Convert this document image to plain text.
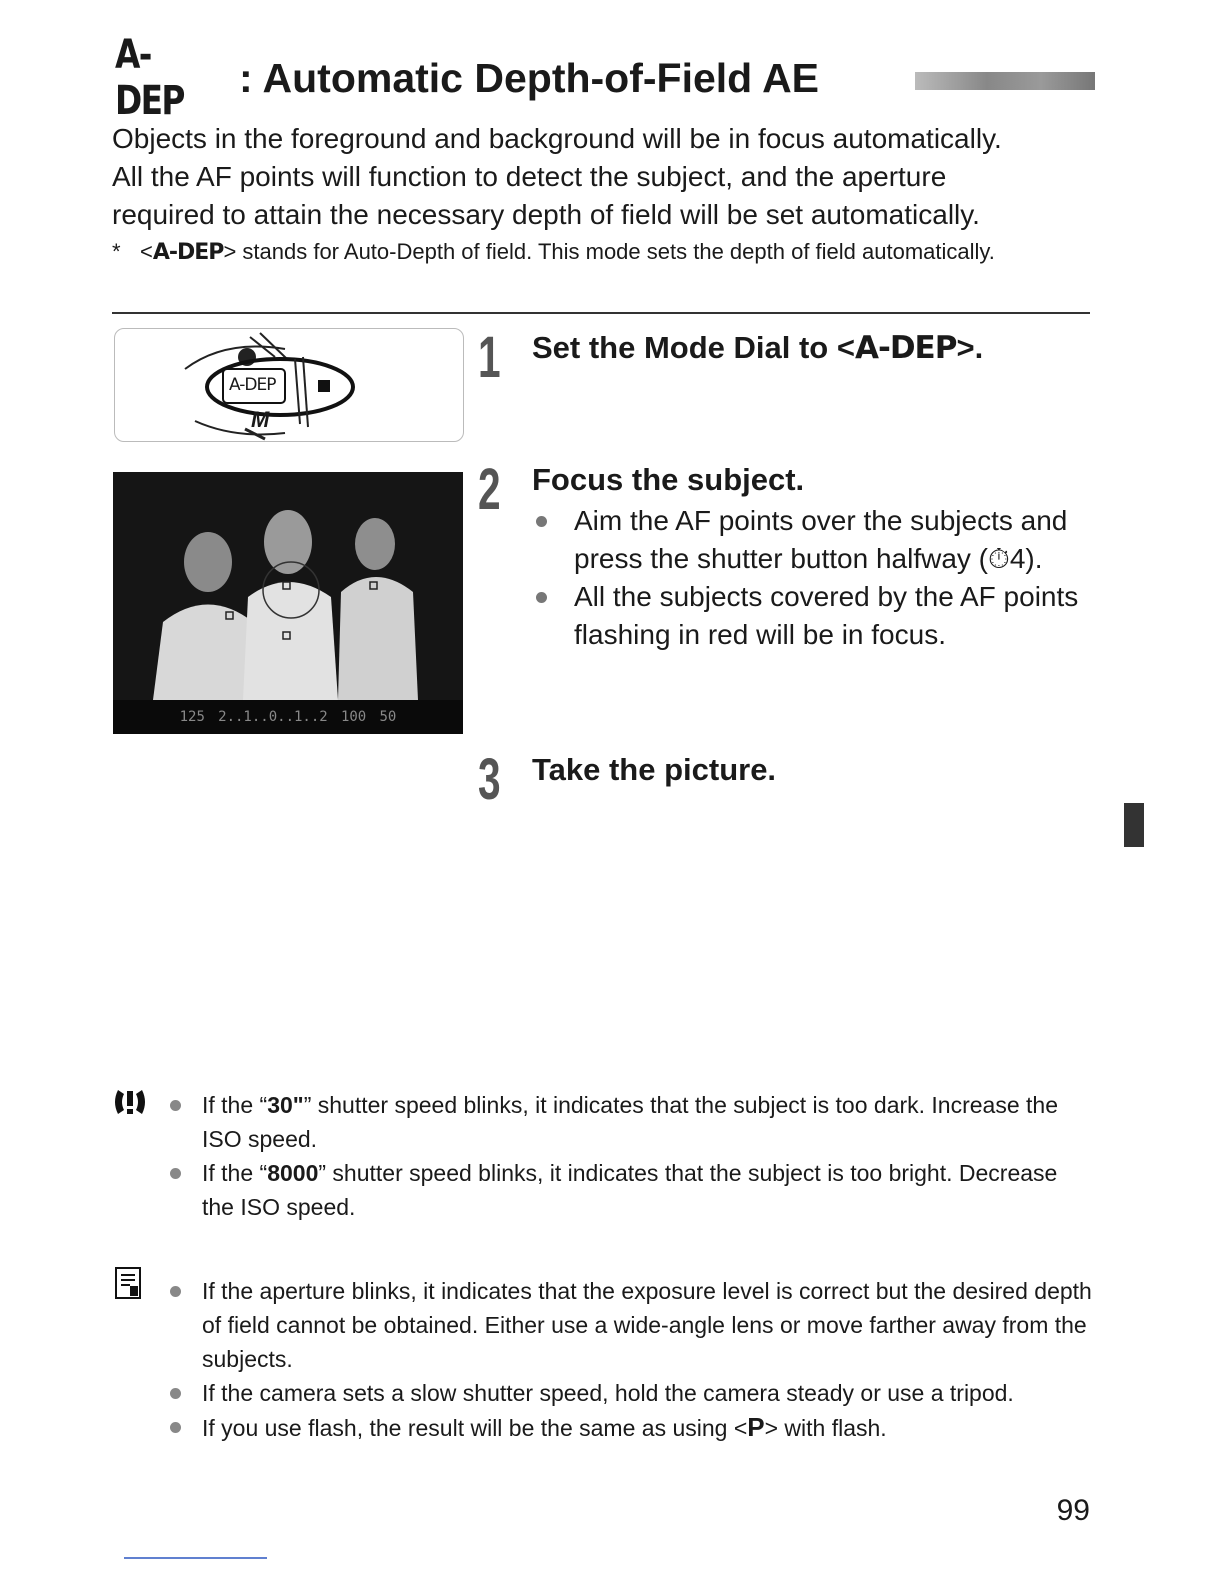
A-DEP
: Automatic Depth-of-Field AE

Objects in the foreground and background will be in focus automatically.

All the AF points will function to detect the subject, and the aperture

required to attain the necessary depth of field will be set automatically.

* <A-DEP> stands for Auto-Depth of field. This mode sets the depth of field automatically.
A-DEP
M
125 2..1..0..1..2 100 50
1 Set the Mode Dial to <A-DEP>.
2 Focus the subject.
Aim the AF points over the subjects and press the shutter button halfway (⏱4).
All the subjects covered by the AF points flashing in red will be in focus.
3 Take the picture.
If the “30"” shutter speed blinks, it indicates that the subject is too dark. Increase the ISO speed.
If the “8000” shutter speed blinks, it indicates that the subject is too bright. Decrease the ISO speed.
If the aperture blinks, it indicates that the exposure level is correct but the desired depth of field cannot be obtained. Either use a wide-angle lens or move farther away from the subjects.
If the camera sets a slow shutter speed, hold the camera steady or use a tripod.
If you use flash, the result will be the same as using <P> with flash.
99
